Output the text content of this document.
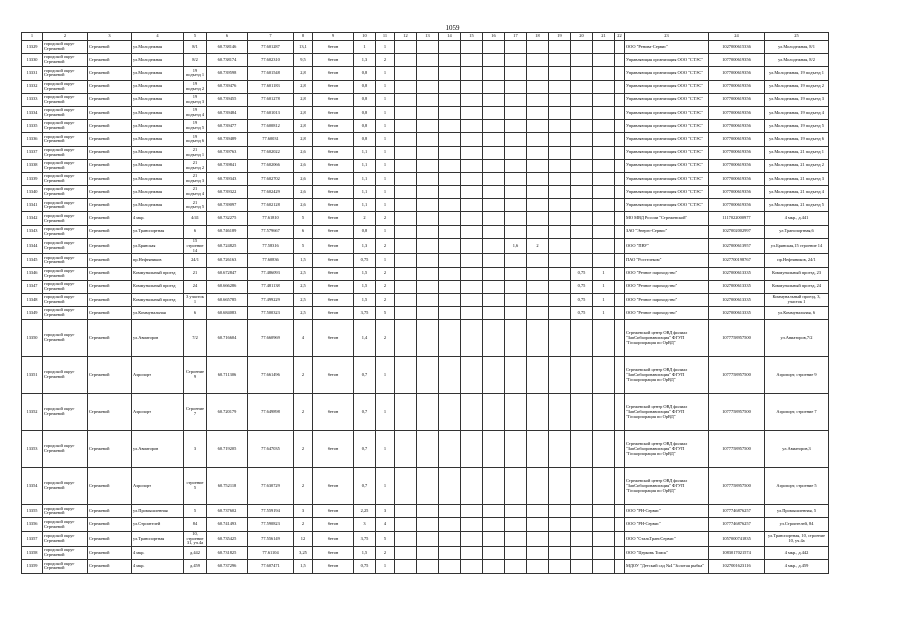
1059
1	2	3	4	5	6	7	8	9	10	11	12	13	14	15	16	17	18	19	20	21	22	23	24	25
13329	городской округ Стрежевой	Стрежевой	ул.Молодежная	8/1	60.738146	77.601287	13,1	бетон	1	1												ООО "Ренова-Сервис"	1027000615336	ул.Молодежная, 8/1
13330	городской округ Стрежевой	Стрежевой	ул.Молодежная	8/2	60.738174	77.602310	9,5	бетон	1,3	2												Управляющая организация ООО "СТЭС"	1077000619356	ул.Молодежная, 8/2
13331	городской округ Стрежевой	Стрежевой	ул.Молодежная	19 подъезд 1	60.739598	77.601548	2,8	бетон	0,8	1												Управляющая организация ООО "СТЭС"	1077000619356	ул.Молодежная, 19 подъезд 1
13332	городской округ Стрежевой	Стрежевой	ул.Молодежная	19 подъезд 2	60.739476	77.601183	2,8	бетон	0,8	1												Управляющая организация ООО "СТЭС"	1077000619356	ул.Молодежная, 19 подъезд 2
13333	городской округ Стрежевой	Стрежевой	ул.Молодежная	19 подъезд 3	60.739455	77.601278	2,8	бетон	0,8	1												Управляющая организация ООО "СТЭС"	1077000619356	ул.Молодежная, 19 подъезд 3
13334	городской округ Стрежевой	Стрежевой	ул.Молодежная	19 подъезд 4	60.739484	77.601013	2,8	бетон	0,8	1												Управляющая организация ООО "СТЭС"	1077000619356	ул.Молодежная, 19 подъезд 4
13335	городской округ Стрежевой	Стрежевой	ул.Молодежная	19 подъезд 5	60.739477	77.600812	2,8	бетон	0,8	1												Управляющая организация ООО "СТЭС"	1077000619356	ул.Молодежная, 19 подъезд 5
13336	городской округ Стрежевой	Стрежевой	ул.Молодежная	19 подъезд 6	60.739489	77.60031	2,8	бетон	0,8	1												Управляющая организация ООО "СТЭС"	1077000619356	ул.Молодежная, 19 подъезд 6
13337	городской округ Стрежевой	Стрежевой	ул.Молодежная	21 подъезд 1	60.739763	77.602022	2,6	бетон	1,1	1												Управляющая организация ООО "СТЭС"	1077000619356	ул.Молодежная, 21 подъезд 1
13338	городской округ Стрежевой	Стрежевой	ул.Молодежная	21 подъезд 2	60.739841	77.602066	2,6	бетон	1,1	1												Управляющая организация ООО "СТЭС"	1077000619356	ул.Молодежная, 21 подъезд 2
13339	городской округ Стрежевой	Стрежевой	ул.Молодежная	21 подъезд 3	60.739343	77.602702	2,6	бетон	1,1	1												Управляющая организация ООО "СТЭС"	1077000619356	ул.Молодежная, 21 подъезд 3
13340	городской округ Стрежевой	Стрежевой	ул.Молодежная	21 подъезд 4	60.739322	77.602429	2,6	бетон	1,1	1												Управляющая организация ООО "СТЭС"	1077000619356	ул.Молодежная, 21 подъезд 4
13341	городской округ Стрежевой	Стрежевой	ул.Молодежная	21 подъезд 5	60.739097	77.602128	2,6	бетон	1,1	1												Управляющая организация ООО "СТЭС"	1077000619356	ул.Молодежная, 21 подъезд 5
13342	городской округ Стрежевой	Стрежевой	4 мкр.	4/41	60.732275	77.61810	5	бетон	2	2												МО МВД России "Стрежевской"	1117022000977	4 мкр., д.441
13343	городской округ Стрежевой	Стрежевой	ул.Транспортная	6	60.746189	77.579667	6	бетон	0,8	1												ЗАО "Энерго-Сервис"	1027002002997	ул.Транспортная,6
13344	городской округ Стрежевой	Стрежевой	ул.Брянская	15 строение 14	60.724825	77.58316	5	бетон	1,3	2						1,6	2					ООО "ПВУ"	1027000613957	ул.Брянская,15 строение 14
13345	городской округ Стрежевой	Стрежевой	пр.Нефтяников	24/1	60.726163	77.60836	1,5	бетон	0,75	1												ПАО "Ростелеком"	1027700198767	пр.Нефтяников, 24/1
13346	городской округ Стрежевой	Стрежевой	Коммунальный проезд	21	60.672847	77.486093	2,5	бетон	1,5	2									0,75	1		ООО "Речное пароходство"	1027000613335	Коммунальный проезд, 23
13347	городской округ Стрежевой	Стрежевой	Коммунальный проезд	24	60.666286	77.481138	2,5	бетон	1,5	2									0,75	1		ООО "Речное пароходство"	1027000613335	Коммунальный проезд, 24
13348	городской округ Стрежевой	Стрежевой	Коммунальный проезд	3 участок 1	60.665785	77.499229	2,5	бетон	1,5	2									0,75	1		ООО "Речное пароходство"	1027000613335	Коммунальный проезд, 3, участок 1
13349	городской округ Стрежевой	Стрежевой	ул.Коммунальная	6	60.684083	77.500323	2,5	бетон	3,75	5									0,75	1		ООО "Речное пароходство"	1027000613335	ул.Коммунальная, 6
13350	городской округ Стрежевой	Стрежевой	ул.Авиаторов	7/2	60.716604	77.660969	4	бетон	1,4	2												Стрежевской центр ОВД филиал "ЗапСибаэронавигация" ФГУП "Госкорпорация по ОрВД"	1077758957500	ул.Авиаторов,7/2
13351	городской округ Стрежевой	Стрежевой	Аэропорт	Строение 9	60.711306	77.661496	2	бетон	0,7	1												Стрежевской центр ОВД филиал "ЗапСибаэронавигация" ФГУП "Госкорпорация по ОрВД"	1077758957500	Аэропорт, строение 9
13352	городской округ Стрежевой	Стрежевой	Аэропорт	Строение 7	60.720179	77.649898	2	бетон	0,7	1												Стрежевской центр ОВД филиал "ЗапСибаэронавигация" ФГУП "Госкорпорация по ОрВД"	1077758957500	Аэропорт, строение 7
13353	городской округ Стрежевой	Стрежевой	ул.Авиаторов	3	60.719205	77.647035	2	бетон	0,7	1												Стрежевской центр ОВД филиал "ЗапСибаэронавигация" ФГУП "Госкорпорация по ОрВД"	1077758957500	ул.Авиаторов,3
13354	городской округ Стрежевой	Стрежевой	Аэропорт	строение 5	60.752118	77.630729	2	бетон	0,7	1												Стрежевской центр ОВД филиал "ЗапСибаэронавигация" ФГУП "Госкорпорация по ОрВД"	1077758957500	Аэропорт, строение 5
13355	городской округ Стрежевой	Стрежевой	ул.Промышленная	5	60.737602	77.559194	3	бетон	2,25	3												ООО "РН-Сервис"	1077746876257	ул.Промышленная, 5
13356	городской округ Стрежевой	Стрежевой	ул.Строителей	84	60.741493	77.590823	2	бетон	3	4												ООО "РН-Сервис"	1077746876257	ул.Строителей, 84
13357	городской округ Стрежевой	Стрежевой	ул.Транспортная	10, строение 31, уч.4а	60.735425	77.556149	12	бетон	3,75	5												ООО "СтальТрансСервис"	1057000741835	ул.Транспортная, 10, строение 10, уч.4а
13358	городской округ Стрежевой	Стрежевой	4 мкр.	д.442	60.731825	77.61104	3,25	бетон	1,5	2												ООО "Церковь Томск"	1083017021574	4 мкр., д.442
13359	городской округ Стрежевой	Стрежевой	4 мкр.	д.459	60.737296	77.607471	1,5	бетон	0,75	1												МДОУ "Детский сад №4 "Золотая рыбка"	1027001623116	4 мкр., д.459
